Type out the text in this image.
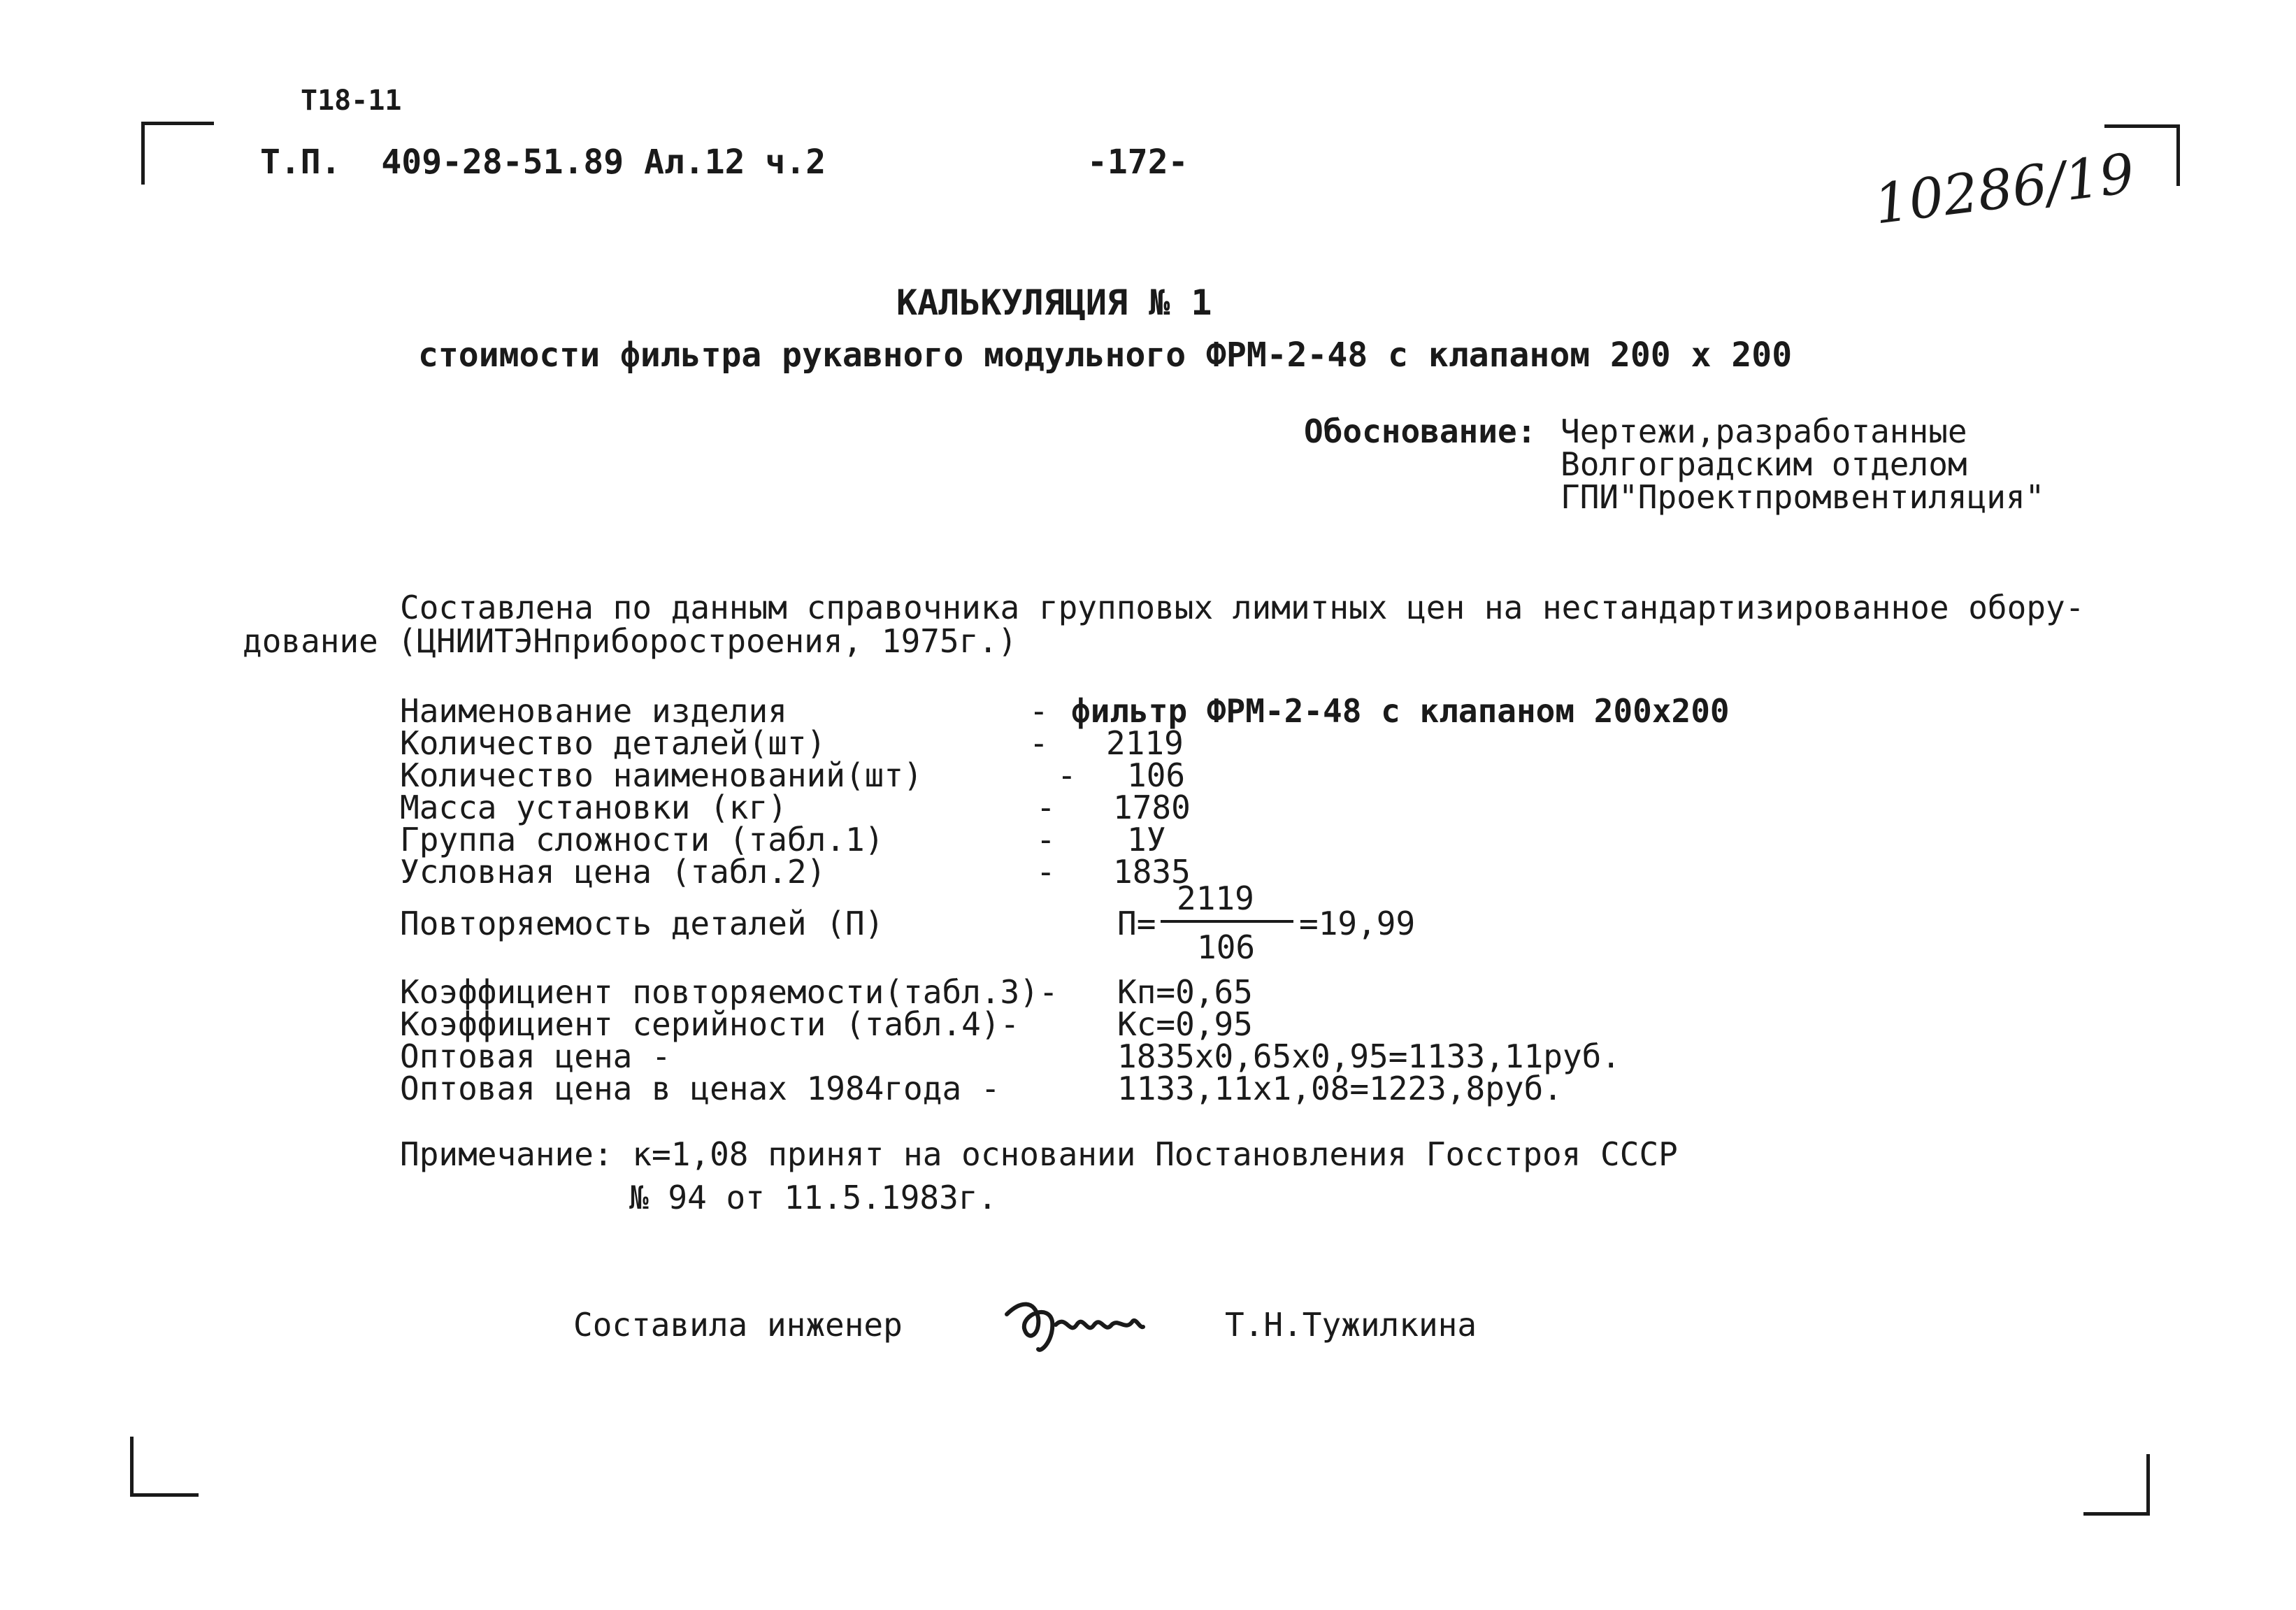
Т18-11
Т.П.  409-28-51.89 Ал.12 ч.2	-172-	10286/19
КАЛЬКУЛЯЦИЯ № 1
стоимости фильтра рукавного модульного ФРМ-2-48 с клапаном 200 х 200
Обоснование: Чертежи,разработанные
Волгоградским отделом
ГПИ"Проектпромвентиляция"
Составлена по данным справочника групповых лимитных цен на нестандартизированное обору-
дование (ЦНИИТЭНприборостроения, 1975г.)
Наименование изделия	- фильтр ФРМ-2-48 с клапаном 200х200
Количество деталей(шт)	- 2119
Количество наименований(шт)	- 106
Масса установки (кг)	- 1780
Группа сложности (табл.1)	- 1У
Условная цена (табл.2)	- 1835
Повторяемость деталей (П)	П=
2119
106
=19,99
Коэффициент повторяемости(табл.3)- Кп=0,65
Коэффициент серийности (табл.4)-	Кс=0,95
Оптовая цена -	1835х0,65х0,95=1133,11руб.
Оптовая цена в ценах 1984года -	1133,11х1,08=1223,8руб.
Примечание: к=1,08 принят на основании Постановления Госстроя СССР
№ 94 от 11.5.1983г.
Составила инженер	Т.Н.Тужилкина
